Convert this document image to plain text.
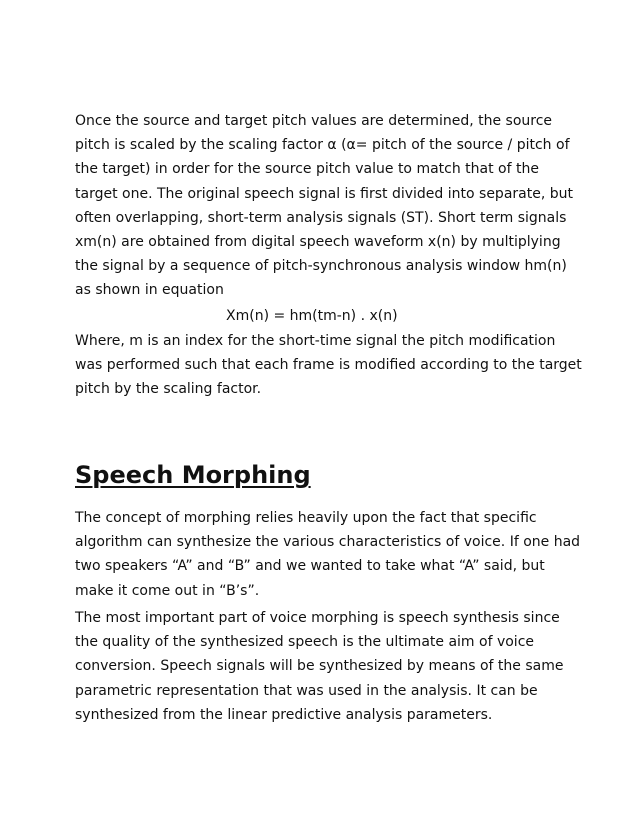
Once the source and target pitch values are determined, the source
pitch is scaled by the scaling factor α (α= pitch of the source / pitch of
the target) in order for the source pitch value to match that of the
target one. The original speech signal is first divided into separate, but
often overlapping, short-term analysis signals (ST). Short term signals
xm(n) are obtained from digital speech waveform x(n) by multiplying
the signal by a sequence of pitch-synchronous analysis window hm(n)
as shown in equation

Xm(n) = hm(tm-n) . x(n)

Where, m is an index for the short-time signal the pitch modification
was performed such that each frame is modified according to the target
pitch by the scaling factor.

Speech Morphing

The concept of morphing relies heavily upon the fact that specific
algorithm can synthesize the various characteristics of voice. If one had
two speakers “A” and “B” and we wanted to take what “A” said, but
make it come out in “B’s”.

The most important part of voice morphing is speech synthesis since
the quality of the synthesized speech is the ultimate aim of voice
conversion. Speech signals will be synthesized by means of the same
parametric representation that was used in the analysis. It can be
synthesized from the linear predictive analysis parameters.
